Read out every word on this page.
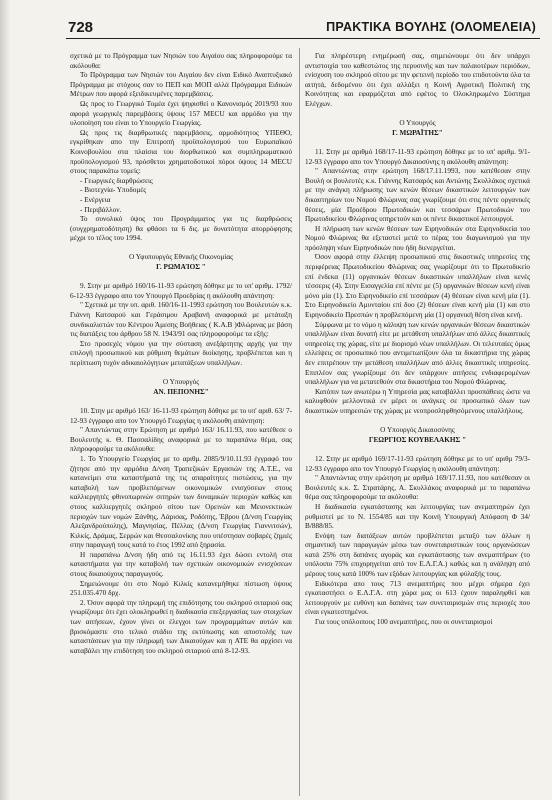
728	ΠΡΑΚΤΙΚΑ ΒΟΥΛΗΣ (ΟΛΟΜΕΛΕΙΑ)

σχετικά με το Πρόγραμμα των Νησιών του Αιγαίου σας πληροφορούμε τα ακόλουθα:

Το Πρόγραμμα των Νησιών του Αιγαίου δεν είναι Ειδικό Αναπτυξιακό Πρόγραμμα με στόχους σαν το ΠΕΠ και ΜΟΠ αλλά Πρόγραμμα Ειδικών Μέτρων που αφορά εξειδικευμένες παρεμβάσεις.

Ως προς το Γεωργικό Τομέα έχει ψηφισθεί ο Κανονισμός 2019/93 που αφορά γεωργικές παρεμβάσεις ύψους 157 MECU και αρμόδιο για την υλοποίηση του είναι το Υπουργείο Γεωργίας.

Ως προς τις διαρθρωτικές παρεμβάσεις, αρμοδιότητος ΥΠΕΘΟ, εγκρίθηκαν απο την Επιτροπή προϋπολογισμού του Ευρωπαϊκού Κοινοβουλίου στα πλαίσια του διορθωτικού και συμπληρωματικού προϋπολογισμού 93, πρόσθετοι χρηματοδοτικοί πόροι ύψους 14 MECU στους παρακάτω τομείς:

- Γεωργικές διαρθρώσεις

- Βιοτεχνία- Υποδομές

- Ενέργεια

- Περιβάλλον.

Το συνολικό ύψος του Προγράμματος για τις διαρθρώσεις (συγχρηματοδότηση) θα φθάσει τα 6 δις. με δυνατότητα απορρόφησης μέχρι το τέλος του 1994.

Ο Υφυπουργός Εθνικής Οικονομίας

Γ. ΡΩΜΑΊΟΣ "

9. Στην με αριθμό 160/16-11-93 ερώτηση δόθηκε με το υπ' αριθμ. 1792/ 6-12-93 έγγραφο απο τον Υπουργό Προεδρίας η ακόλουθη απάντηση:

" Σχετικά με την υπ. αριθ. 160/16-11-1993 ερώτηση του Βουλευτών κ.κ. Γιάννη Κατσαρού και Γεράσιμου Αραβανή αναφορικά με μετάταξη συνδικαλιστών του Κέντρου Άμεσης Βοήθειας ( Κ.Α.Β )Φλώρινας με βάση τις διατάξεις του άρθρου 58 Ν. 1943/91 σας πληροφορούμε τα εξής:

Στο προσεχές νόμου για την σύσταση ανεξάρτητης αρχής για την επιλογή προσωπικού και ρύθμιση θεμάτων διοίκησης, προβλέπεται και η περίπτωση τυχόν αδικαιολόγητων μετατάξεων υπαλλήλων.

Ο Υπουργός

ΑΝ. ΠΕΠΟΝΗΣ"

10. Στην με αριθμό 163/ 16-11-93 ερώτηση δόθηκε με το υπ' αριθ. 63/ 7-12-93 έγγραφο απο τον Υπουργό Γεωργίας η ακόλουθη απάντηση:

" Απαντώντας στην Ερώτηση με αριθμό 163/ 16.11.93, που κατέθεσε ο Βουλευτής κ. Θ. Πασσαλίδης αναφορικά με το παραπάνω θέμα, σας πληροφορούμε τα ακόλουθα:

1. Το Υπουργείο Γεωργίας με το αριθμ. 2085/9/10.11.93 έγγραφό του ζήτησε από την αρμόδια Δ/νση Τραπεζικών Εργασιών της Α.Τ.Ε., να κατανείμει στα καταστήματά της τις απαραίτητες πιστώσεις, για την καταβολή των προβλεπόμενων οικονομικών ενισχύσεων στους καλλιεργητές φθινοπωρινών σιτηρών των δυναμικών περιοχών καθώς και στους καλλιεργητές σκληρού σίτου των Ορεινών και Μειονεκτικών περιοχών των νομών Ξάνθης, Λάρισας, Ροδόπης, Έβρου (Δ/νση Γεωργίας Αλεξανδρούπολης), Μαγνησίας, Πέλλας (Δ/νση Γεωργίας Γιαννιτσών), Κιλκίς, Δράμας, Σερρών και Θεσσαλονίκης που υπέστησαν σοβαρές ζημιές στην παραγωγή τους κατά το έτος 1992 από ξηρασία.

Η παραπάνω Δ/νση ήδη από τις 16.11.93 έχει δώσει εντολή στα καταστήματα για την καταβολή των σχετικών οικονομικών ενισχύσεων στους δικαιούχους παραγωγούς.

Σημειώνουμε ότι στο Νομό Κιλκίς κατανεμήθηκε πίστωση ύψους 251.035.470 δρχ.

2. Όσον αφορά την πληρωμή της επιδότησης του σκληρού σιταριού σας γνωρίζουμε ότι έχει ολοκληρωθεί η διαδικασία επεξεργασίας των στοιχείων των αιτήσεων, έχουν γίνει οι έλεγχοι των προγραμμάτων αυτών και βρισκόμαστε στο τελικό στάδιο της εκτύπωσης και αποστολής των καταστάσεων για την πληρωμή των Δικαιούχων και η ΑΤΕ θα αρχίσει να καταβάλει την επιδότηση του σκληρού σιταριού από 8-12-93.

Για πληρέστερη ενημέρωσή σας, σημειώνουμε ότι δεν υπάρχει αντιστοιχία του καθεστώτος της περυσινής και των παλαιοτέρων περιόδων, ενίσχυση του σκληρού σίτου με την φετεινή περίοδο του επιδοτούντα όλα τα αιτητά, δεδομένου ότι έχει αλλάξει η Κοινή Αγροτική Πολιτική της Κοινότητας και εφαρμόζεται από εφέτος το Ολοκληρωμένο Σύστημα Ελέγχων.

Ο Υπουργός

Γ. ΜΩΡΑΪΤΗΣ"

11. Στην με αριθμό 168/17-11-93 ερώτηση δόθηκε με το υπ' αριθμ. 9/1-12-93 έγγραφο απο τον Υπουργό Δικαιοσύνης η ακόλουθη απάντηση:

" Απαντώντας στην ερώτηση 168/17.11.1993, που κατέθεσαν στην Βουλή οι βουλευτές κ.κ. Γιάννης Κατσαρός και Αντώνης Σκυλλάκος σχετικά με την ανάγκη πλήρωσης των κενών θέσεων δικαστικών λειτουργών των δικαστηρίων του Νομού Φλώρινας σας γνωρίζουμε ότι στις πέντε οργανικές θέσεις, μία Προέδρου Πρωτοδικών και τεσσάρων Πρωτοδικών του Πρωτοδικείου Φλώρινας υπηρετούν και οι πέντε δικαστικοί λειτουργοί.

Η πλήρωση των κενών θέσεων των Ειρηνοδικών στα Ειρηνοδικεία του Νομού Φλώρινας θα εξεταστεί μετά το πέρας του διαγωνισμού για την πρόσληψη νέων Ειρηνοδικών που ήδη διενεργείται.

Όσον αφορά στην έλλειψη προσωπικού στις δικαστικές υπηρεσίες της περιφέρειας Πρωτοδικείου Φλώρινας σας γνωρίζουμε ότι το Πρωτοδικείο επί ένδεκα (11) οργανικών θέσεων δικαστικών υπαλλήλων είναι κενές τέσσερις (4). Στην Εισαγγελία επί πέντε με (5) οργανικών θέσεων κενή είναι μόνο μία (1). Στο Ειρηνοδικείο επί τεσσάρων (4) θέσεων είναι κενή μία (1). Στο Ειρηνοδικείο Αμυνταίου επί δυο (2) θέσεων είναι κενή μία (1) και στο Ειρηνοδικείο Πρεσπών η προβλεπόμενη μία (1) οργανική θέση είναι κενή.

Σύμφωνα με το νόμο η κάλυψη των κενών οργανικών θέσεων δικαστικών υπαλλήλων είναι δυνατή είτε με μετάθεση υπαλλήλων από άλλες δικαστικές υπηρεσίες της χώρας, είτε με διορισμό νέων υπαλλήλων. Οι τελευταίες όμως ελλείψεις σε προσωπικό που αντιμετωπίζουν όλα τα δικαστήρια της χώρας δεν επιτρέπουν την μετάθεση υπαλλήλων από άλλες δικαστικές υπηρεσίες. Επιπλέον σας γνωρίζουμε ότι δεν υπάρχουν αιτήσεις ενδιαφερομένων υπαλλήλων για να μετατεθούν στα δικαστήρια του Νομού Φλώρινας.

Κατόπιν των ανωτέρω η Υπηρεσία μας καταβάλλει προσπάθειες ώστε να καλυφθούν μελλοντικά εν μέρει οι ανάγκες σε προσωπικό όλων των δικαστικών υπηρεσιών της χώρας με νεοπροσληφθησόμενους υπαλλήλους.

Ο Υπουργός Δικαιοσύνης

ΓΕΩΡΓΙΟΣ ΚΟΥΒΕΛΑΚΗΣ "

12. Στην με αριθμό 169/17-11-93 ερώτηση δόθηκε με το υπ' αριθμ 79/3-12-93 έγγραφο απο τον Υπουργό Γεωργίας η ακόλουθη απάντηση:

" Απαντώντας στην ερώτηση με αριθμό 169/17.11.93, που κατέθεσαν οι Βουλευτές κ.κ. Σ. Στρατάρης, Α. Σκυλλάκος αναφορικά με το παραπάνω θέμα σας πληροφορούμε τα ακόλουθα:

Η διαδικασία εγκατάστασης και λειτουργίας των ανεμαπτηρών έχει ρυθμιστεί με το Ν. 1554/85 και την Κοινή Υπουργική Απόφαση Φ 34/Β/888/85.

Ενόψη των διατάξεων αυτών προβλέπεται μεταξύ των άλλων η σημαντική των παραγωγών μέσω των συνεταιριστικών τους οργανώσεων κατά 25% στη δαπάνες αγοράς και εγκατάστασης των ανεμαπτήρων (το υπόλοιπο 75% επιχορηγείται από τον Ε.Λ.Γ.Α.) καθώς και η ανάληψη από μέρους τους κατά 100% των εξόδων λειτουργίας και φύλαξής τους.

Ειδικότερα απο τους 713 ανεμαπτήρες που μέχρι σήμερα έχει εγκαταστήσει ο Ε.Λ.Γ.Α. στη χώρα μας οι 613 έχουν παραληφθεί και λειτουργούν με ευθύνη και δαπάνες των συνεταιρισμών στις περιοχές που είναι εγκατεστημένοι.

Για τους υπόλοιπους 100 ανεμαπτήρες, που οι συνεταιρισμοί
